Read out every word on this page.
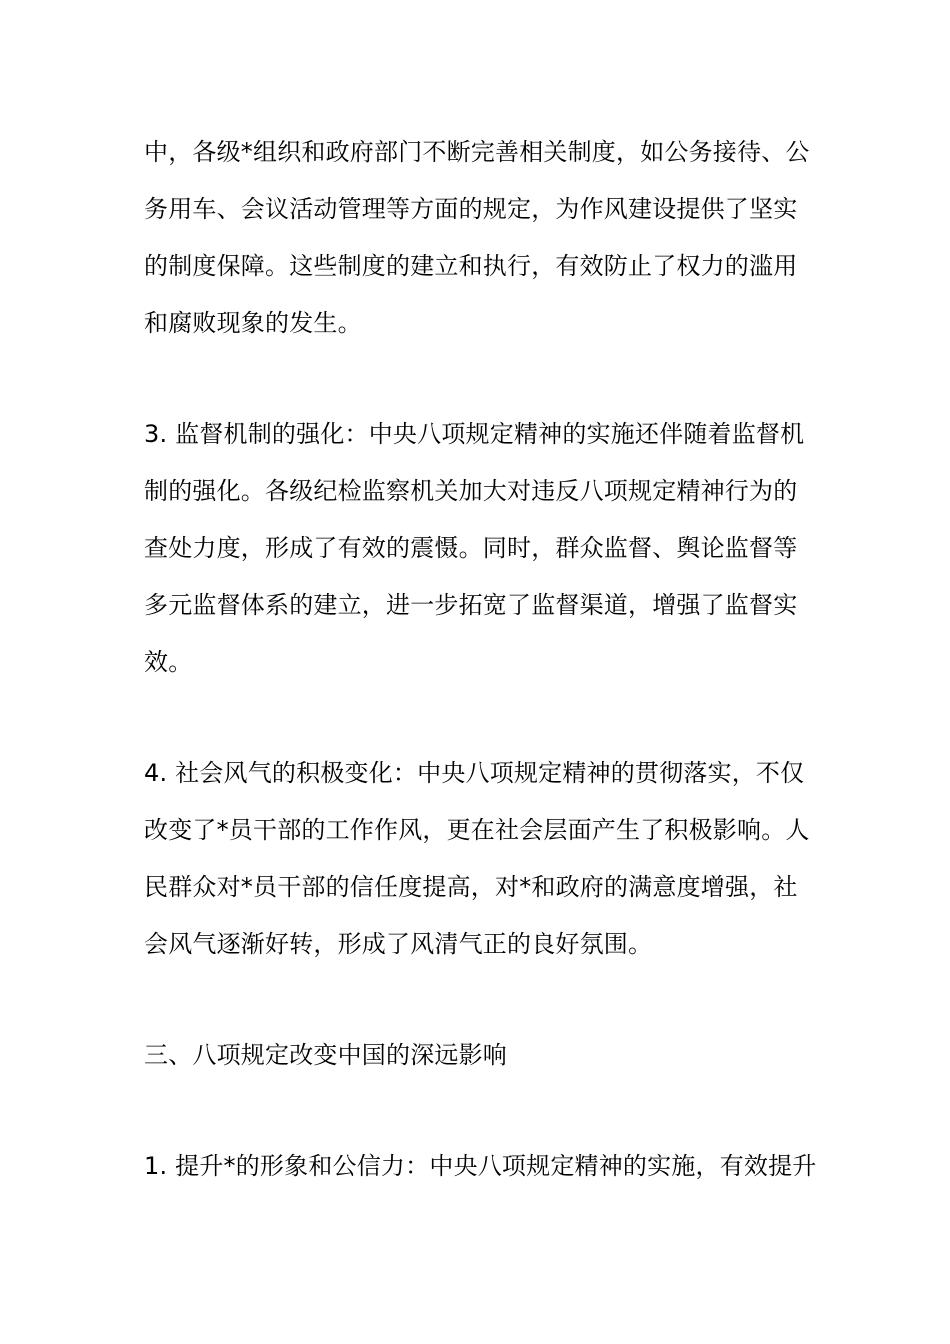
中，各级*组织和政府部门不断完善相关制度，如公务接待、公

务用车、会议活动管理等方面的规定，为作风建设提供了坚实

的制度保障。这些制度的建立和执行，有效防止了权力的滥用

和腐败现象的发生。

3. 监督机制的强化：中央八项规定精神的实施还伴随着监督机

制的强化。各级纪检监察机关加大对违反八项规定精神行为的

查处力度，形成了有效的震慑。同时，群众监督、舆论监督等

多元监督体系的建立，进一步拓宽了监督渠道，增强了监督实

效。

4. 社会风气的积极变化：中央八项规定精神的贯彻落实，不仅

改变了*员干部的工作作风，更在社会层面产生了积极影响。人

民群众对*员干部的信任度提高，对*和政府的满意度增强，社

会风气逐渐好转，形成了风清气正的良好氛围。

三、八项规定改变中国的深远影响

1. 提升*的形象和公信力：中央八项规定精神的实施，有效提升
